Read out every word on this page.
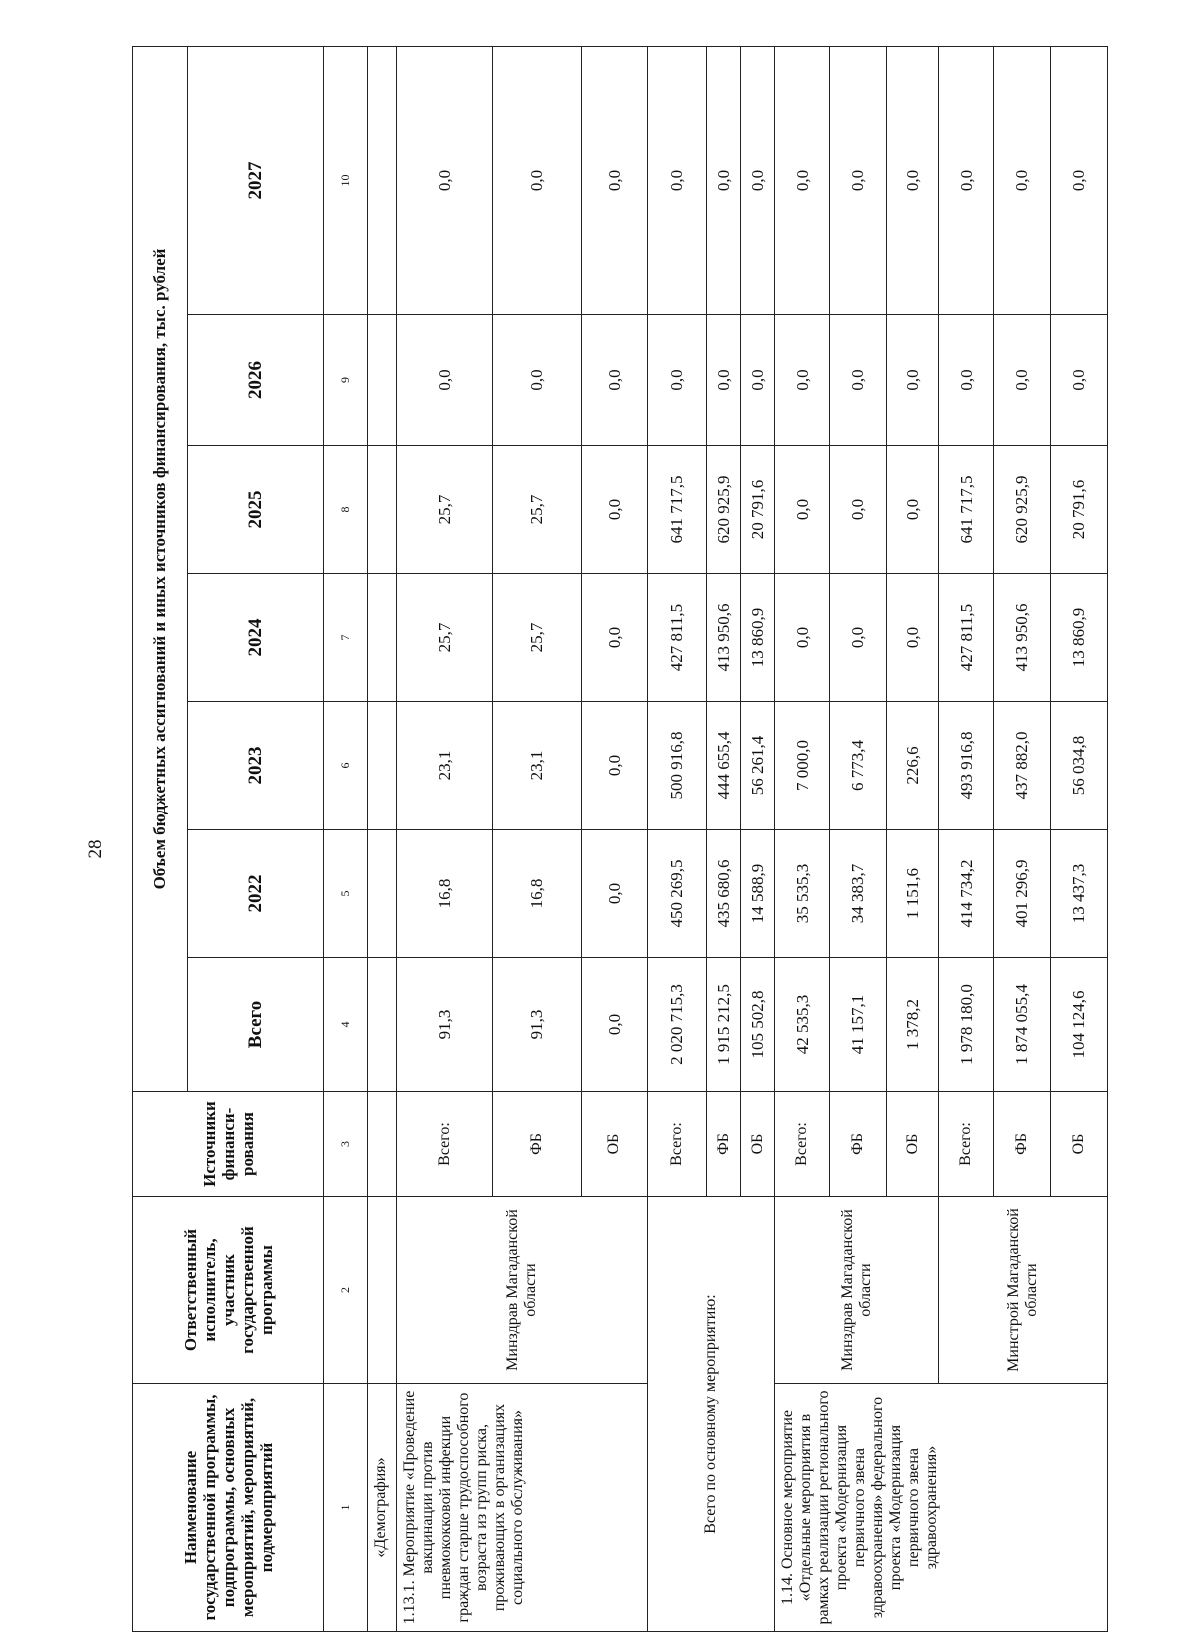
28
Наименование государственной программы, подпрограммы, основных мероприятий, мероприятий, подмероприятий	Ответственный исполнитель, участник государственной программы	Источники финанси-рования	Объем бюджетных ассигнований и иных источников финансирования, тыс. рублей						
			Всего	2022	2023	2024	2025	2026	2027
1	2	3	4	5	6	7	8	9	10
«Демография»									
1.13.1. Мероприятие «Проведение вакцинации против пневмококковой инфекции граждан старше трудоспособного возраста из групп риска, проживающих в организациях социального обслуживания»	Минздрав Магаданской области	Всего:	91,3	16,8	23,1	25,7	25,7	0,0	0,0
		ФБ	91,3	16,8	23,1	25,7	25,7	0,0	0,0
		ОБ	0,0	0,0	0,0	0,0	0,0	0,0	0,0
Всего по основному мероприятию:		Всего:	2 020 715,3	450 269,5	500 916,8	427 811,5	641 717,5	0,0	0,0
		ФБ	1 915 212,5	435 680,6	444 655,4	413 950,6	620 925,9	0,0	0,0
		ОБ	105 502,8	14 588,9	56 261,4	13 860,9	20 791,6	0,0	0,0
1.14. Основное мероприятие «Отдельные мероприятия в рамках реализации регионального проекта «Модернизация первичного звена здравоохранения» федерального проекта «Модернизация первичного звена здравоохранения»	Минздрав Магаданской области	Всего:	42 535,3	35 535,3	7 000,0	0,0	0,0	0,0	0,0
		ФБ	41 157,1	34 383,7	6 773,4	0,0	0,0	0,0	0,0
		ОБ	1 378,2	1 151,6	226,6	0,0	0,0	0,0	0,0
	Минстрой Магаданской области	Всего:	1 978 180,0	414 734,2	493 916,8	427 811,5	641 717,5	0,0	0,0
		ФБ	1 874 055,4	401 296,9	437 882,0	413 950,6	620 925,9	0,0	0,0
		ОБ	104 124,6	13 437,3	56 034,8	13 860,9	20 791,6	0,0	0,0
